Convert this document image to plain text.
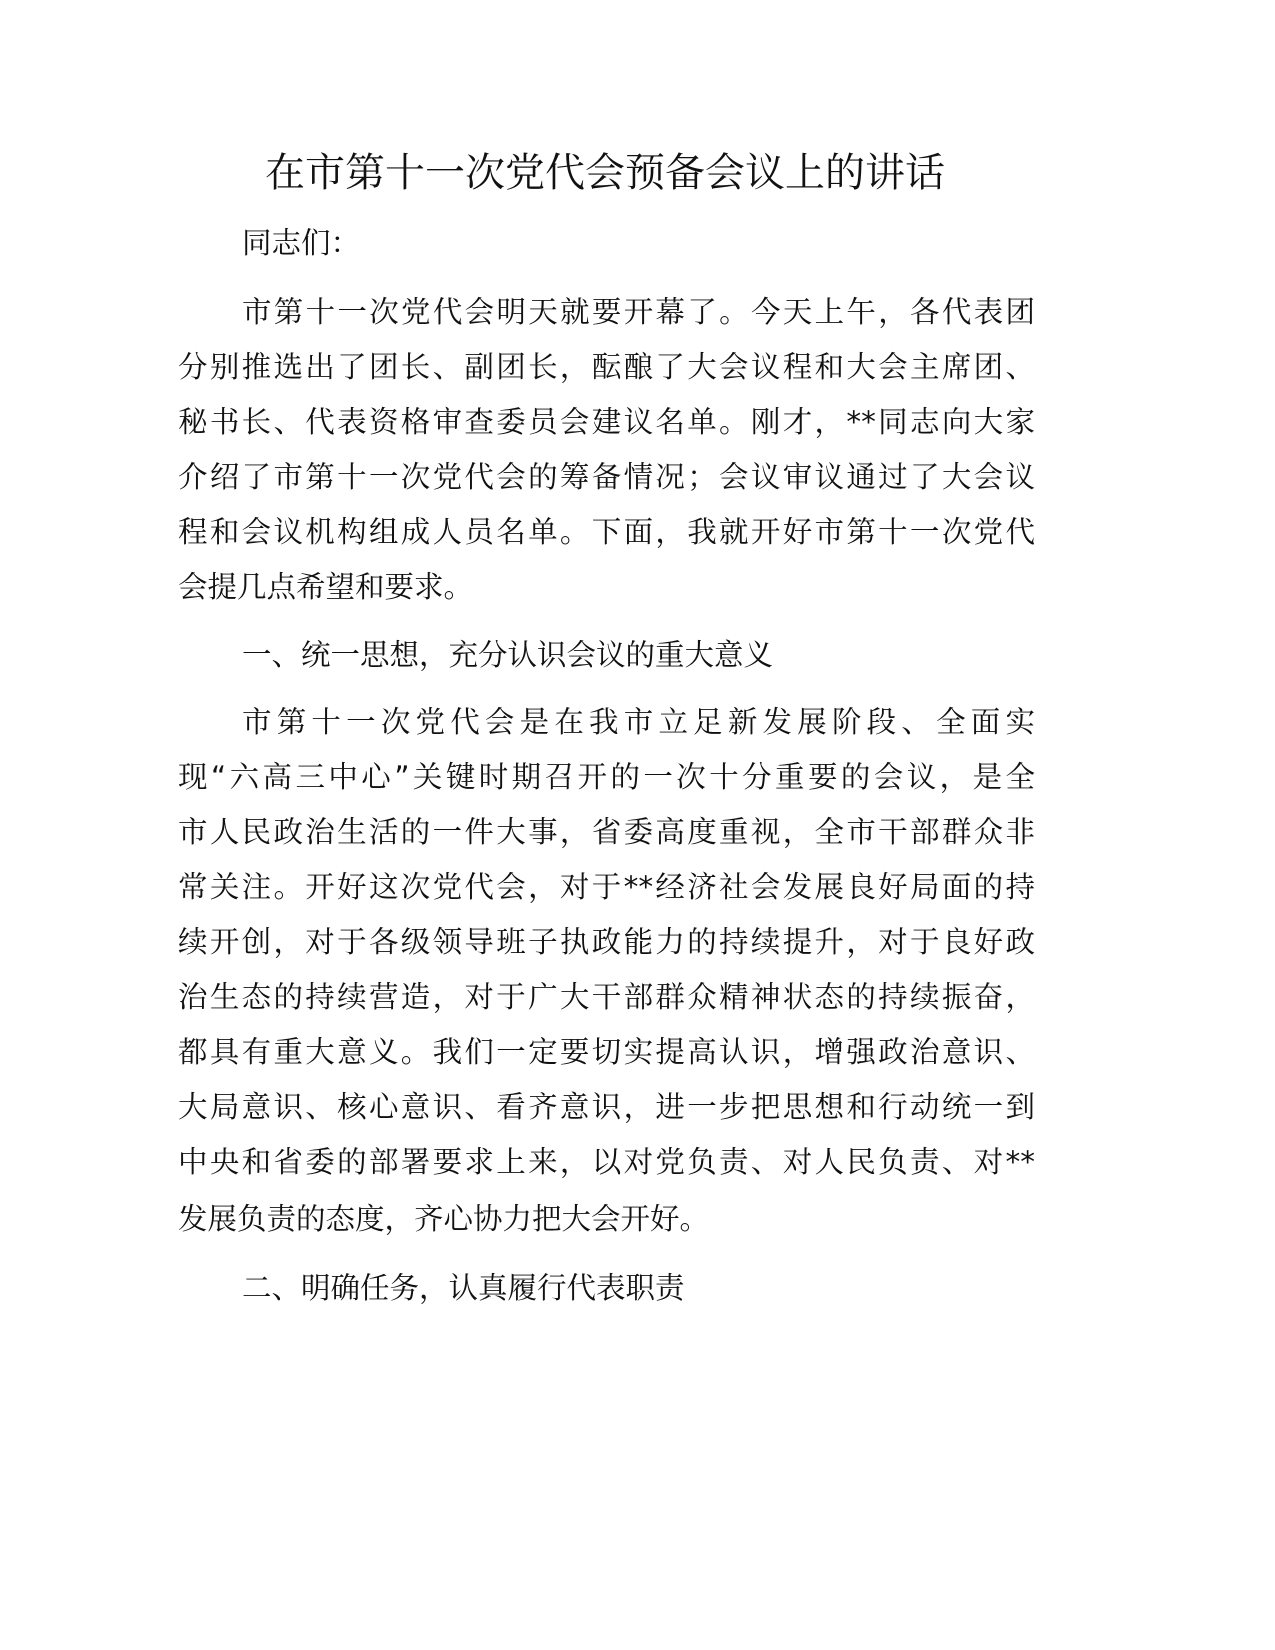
在市第十一次党代会预备会议上的讲话
同志们：
市第十一次党代会明天就要开幕了。今天上午，各代表团
分别推选出了团长、副团长，酝酿了大会议程和大会主席团、
秘书长、代表资格审查委员会建议名单。刚才，**同志向大家
介绍了市第十一次党代会的筹备情况；会议审议通过了大会议
程和会议机构组成人员名单。下面，我就开好市第十一次党代
会提几点希望和要求。
一、统一思想，充分认识会议的重大意义
市第十一次党代会是在我市立足新发展阶段、全面实
现“六高三中心”关键时期召开的一次十分重要的会议，是全
市人民政治生活的一件大事，省委高度重视，全市干部群众非
常关注。开好这次党代会，对于**经济社会发展良好局面的持
续开创，对于各级领导班子执政能力的持续提升，对于良好政
治生态的持续营造，对于广大干部群众精神状态的持续振奋，
都具有重大意义。我们一定要切实提高认识，增强政治意识、
大局意识、核心意识、看齐意识，进一步把思想和行动统一到
中央和省委的部署要求上来，以对党负责、对人民负责、对**
发展负责的态度，齐心协力把大会开好。
二、明确任务，认真履行代表职责
